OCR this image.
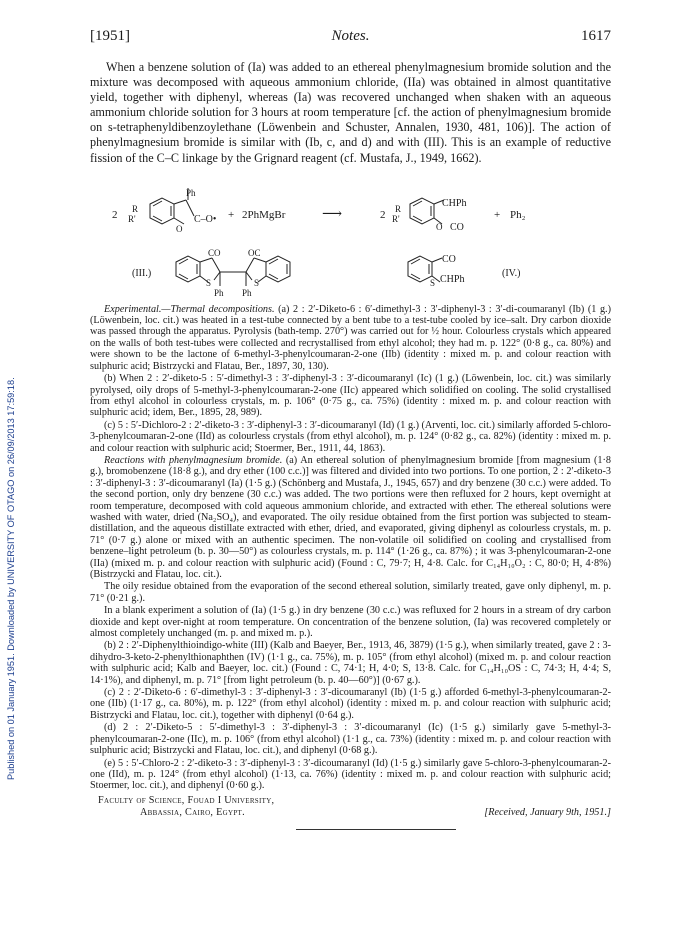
Published on 01 January 1951. Downloaded by UNIVERSITY OF OTAGO on 26/09/2013 17:59:18.
[1951]	Notes.	1617

When a benzene solution of (Ia) was added to an ethereal phenylmagnesium bromide solution and the mixture was decomposed with aqueous ammonium chloride, (IIa) was obtained in almost quantitative yield, together with diphenyl, whereas (Ia) was recovered unchanged when shaken with an aqueous ammonium chloride solution for 3 hours at room temperature [cf. the action of phenylmagnesium bromide on s-tetraphenyldibenzoylethane (Löwenbein and Schuster, Annalen, 1930, 481, 106)]. The action of phenylmagnesium bromide is similar with (Ib, c, and d) and with (III). This is an example of reductive fission of the C–C linkage by the Grignard reagent (cf. Mustafa, J., 1949, 1662).

2 R
R'
Ph
O
C–O• + 2PhMgBr	⟶	2 R
R'
CHPh
O CO
+ Ph₂
(III.)
CO	OC
S	S
Ph Ph
CO
S CHPh
(IV.)

Experimental.—Thermal decompositions. (a) 2 : 2′-Diketo-6 : 6′-dimethyl-3 : 3′-diphenyl-3 : 3′-di-coumaranyl (Ib) (1 g.) (Löwenbein, loc. cit.) was heated in a test-tube connected by a bent tube to a test-tube cooled by ice–salt. Dry carbon dioxide was passed through the apparatus. Pyrolysis (bath-temp. 270°) was carried out for ½ hour. Colourless crystals which appeared on the walls of both test-tubes were collected and recrystallised from ethyl alcohol; they had m. p. 122° (0·8 g., ca. 80%) and were shown to be the lactone of 6-methyl-3-phenylcoumaran-2-one (IIb) (identity : mixed m. p. and colour reaction with sulphuric acid; Bistrzycki and Flatau, Ber., 1897, 30, 130).

(b) When 2 : 2′-diketo-5 : 5′-dimethyl-3 : 3′-diphenyl-3 : 3′-dicoumaranyl (Ic) (1 g.) (Löwenbein, loc. cit.) was similarly pyrolysed, oily drops of 5-methyl-3-phenylcoumaran-2-one (IIc) appeared which solidified on cooling. The solid crystallised from ethyl alcohol in colourless crystals, m. p. 106° (0·75 g., ca. 75%) (identity : mixed m. p. and colour reaction with sulphuric acid; idem, Ber., 1895, 28, 989).

(c) 5 : 5′-Dichloro-2 : 2′-diketo-3 : 3′-diphenyl-3 : 3′-dicoumaranyl (Id) (1 g.) (Arventi, loc. cit.) similarly afforded 5-chloro-3-phenylcoumaran-2-one (IId) as colourless crystals (from ethyl alcohol), m. p. 124° (0·82 g., ca. 82%) (identity : mixed m. p. and colour reaction with sulphuric acid; Stoermer, Ber., 1911, 44, 1863).

Reactions with phenylmagnesium bromide. (a) An ethereal solution of phenylmagnesium bromide [from magnesium (1·8 g.), bromobenzene (18·8 g.), and dry ether (100 c.c.)] was filtered and divided into two portions. To one portion, 2 : 2′-diketo-3 : 3′-diphenyl-3 : 3′-dicoumaranyl (Ia) (1·5 g.) (Schönberg and Mustafa, J., 1945, 657) and dry benzene (30 c.c.) were added. To the second portion, only dry benzene (30 c.c.) was added. The two portions were then refluxed for 2 hours, kept overnight at room temperature, decomposed with cold aqueous ammonium chloride, and extracted with ether. The ethereal solutions were washed with water, dried (Na₂SO₄), and evaporated. The oily residue obtained from the first portion was subjected to steam-distillation, and the aqueous distillate extracted with ether, dried, and evaporated, giving diphenyl as colourless crystals, m. p. 71° (0·7 g.) alone or mixed with an authentic specimen. The non-volatile oil solidified on cooling and crystallised from benzene–light petroleum (b. p. 30—50°) as colourless crystals, m. p. 114° (1·26 g., ca. 87%) ; it was 3-phenylcoumaran-2-one (IIa) (mixed m. p. and colour reaction with sulphuric acid) (Found : C, 79·7; H, 4·8. Calc. for C₁₄H₁₀O₂ : C, 80·0; H, 4·8%) (Bistrzycki and Flatau, loc. cit.).

The oily residue obtained from the evaporation of the second ethereal solution, similarly treated, gave only diphenyl, m. p. 71° (0·21 g.).

In a blank experiment a solution of (Ia) (1·5 g.) in dry benzene (30 c.c.) was refluxed for 2 hours in a stream of dry carbon dioxide and kept over-night at room temperature. On concentration of the benzene solution, (Ia) was recovered completely or almost completely unchanged (m. p. and mixed m. p.).

(b) 2 : 2′-Diphenylthioindigo-white (III) (Kalb and Baeyer, Ber., 1913, 46, 3879) (1·5 g.), when similarly treated, gave 2 : 3-dihydro-3-keto-2-phenylthionaphthen (IV) (1·1 g., ca. 75%), m. p. 105° (from ethyl alcohol) (mixed m. p. and colour reaction with sulphuric acid; Kalb and Baeyer, loc. cit.) (Found : C, 74·1; H, 4·0; S, 13·8. Calc. for C₁₄H₁₀OS : C, 74·3; H, 4·4; S, 14·1%), and diphenyl, m. p. 71° [from light petroleum (b. p. 40—60°)] (0·67 g.).

(c) 2 : 2′-Diketo-6 : 6′-dimethyl-3 : 3′-diphenyl-3 : 3′-dicoumaranyl (Ib) (1·5 g.) afforded 6-methyl-3-phenylcoumaran-2-one (IIb) (1·17 g., ca. 80%), m. p. 122° (from ethyl alcohol) (identity : mixed m. p. and colour reaction with sulphuric acid; Bistrzycki and Flatau, loc. cit.), together with diphenyl (0·64 g.).

(d) 2 : 2′-Diketo-5 : 5′-dimethyl-3 : 3′-diphenyl-3 : 3′-dicoumaranyl (Ic) (1·5 g.) similarly gave 5-methyl-3-phenylcoumaran-2-one (IIc), m. p. 106° (from ethyl alcohol) (1·1 g., ca. 73%) (identity : mixed m. p. and colour reaction with sulphuric acid; Bistrzycki and Flatau, loc. cit.), and diphenyl (0·68 g.).

(e) 5 : 5′-Chloro-2 : 2′-diketo-3 : 3′-diphenyl-3 : 3′-dicoumaranyl (Id) (1·5 g.) similarly gave 5-chloro-3-phenylcoumaran-2-one (IId), m. p. 124° (from ethyl alcohol) (1·13, ca. 76%) (identity : mixed m. p. and colour reaction with sulphuric acid; Stoermer, loc. cit.), and diphenyl (0·60 g.).

Faculty of Science, Fouad I University,
Abbassia, Cairo, Egypt.	[Received, January 9th, 1951.]
